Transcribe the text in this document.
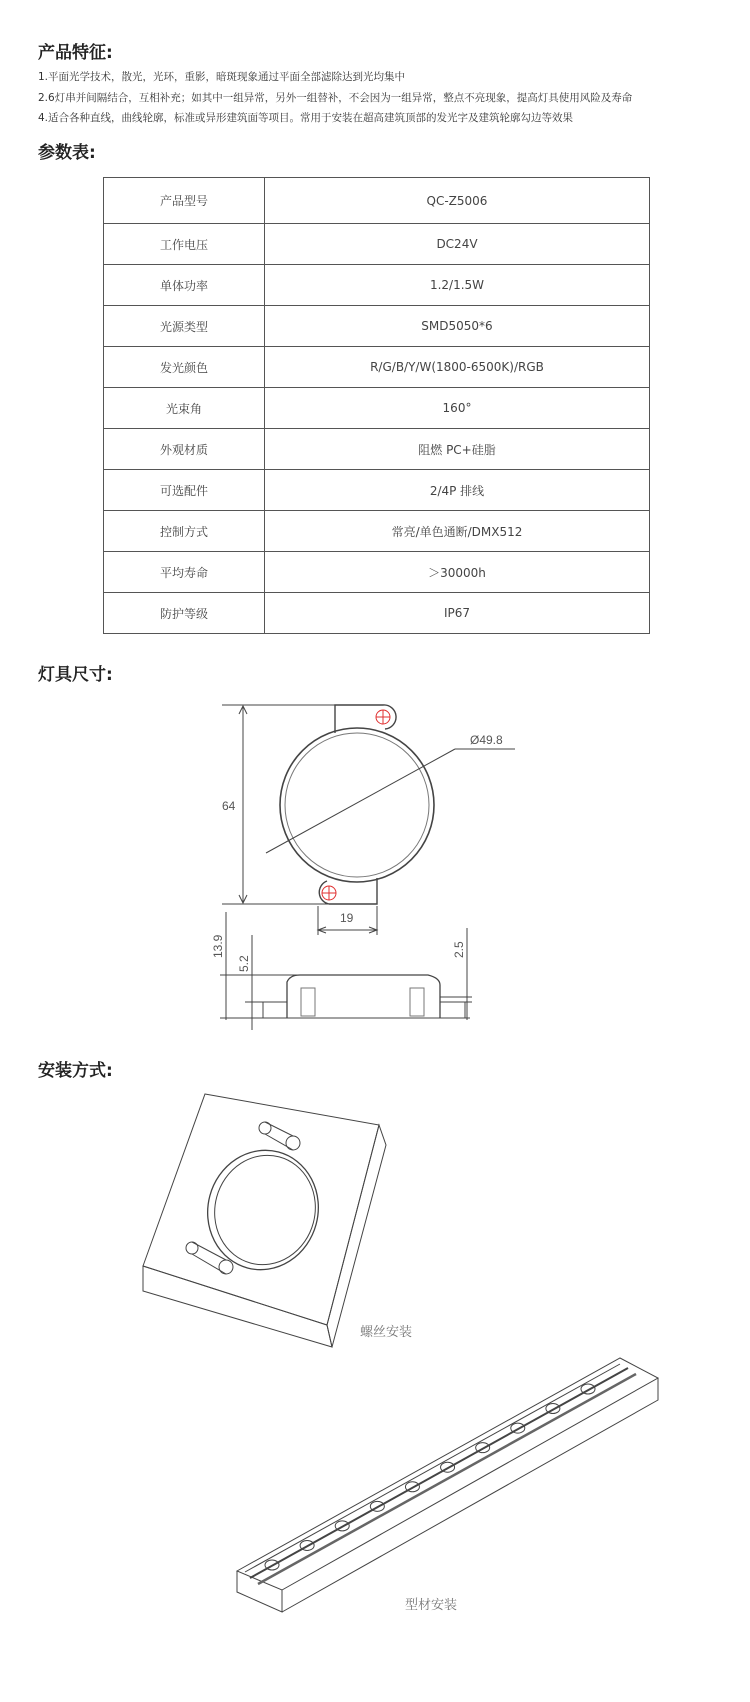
产品特征:
1.平面光学技术，散光，光环，重影，暗斑现象通过平面全部滤除达到光均集中
2.6灯串并间隔结合，互相补充；如其中一组异常，另外一组替补，不会因为一组异常，整点不亮现象，提高灯具使用风险及寿命
4.适合各种直线，曲线轮廓，标准或异形建筑面等项目。常用于安装在超高建筑顶部的发光字及建筑轮廓勾边等效果
参数表:
产品型号	QC-Z5006
工作电压	DC24V
单体功率	1.2/1.5W
光源类型	SMD5050*6
发光颜色	R/G/B/Y/W(1800-6500K)/RGB
光束角	160°
外观材质	阻燃 PC+硅脂
可选配件	2/4P 排线
控制方式	常亮/单色通断/DMX512
平均寿命	＞30000h
防护等级	IP67
灯具尺寸:
Ø49.8
64
19
13.9
5.2
2.5
安装方式:
螺丝安装
型材安装
